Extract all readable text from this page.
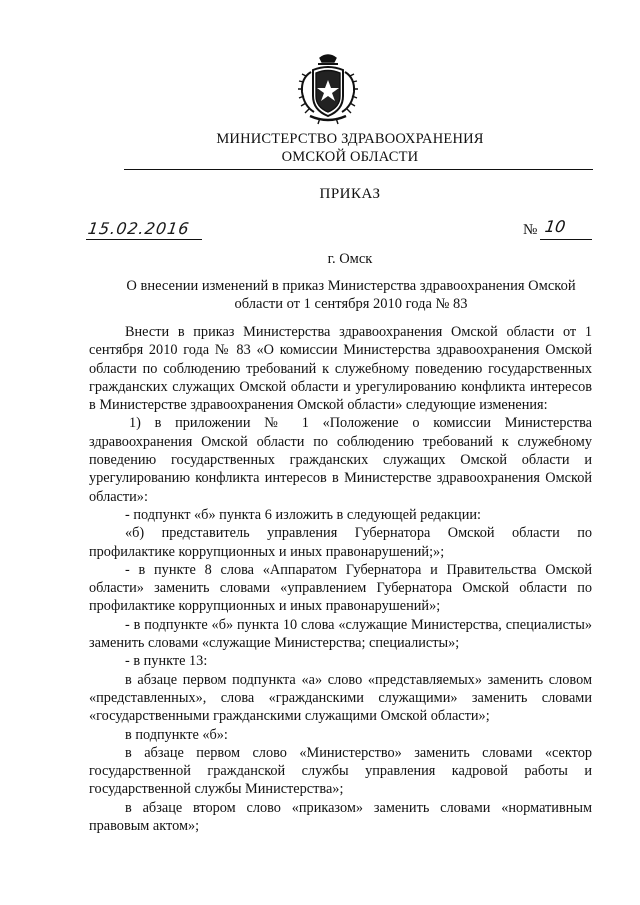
МИНИСТЕРСТВО ЗДРАВООХРАНЕНИЯ
ОМСКОЙ ОБЛАСТИ
ПРИКАЗ
15.02.2016	№ 10
г. Омск
О внесении изменений в приказ Министерства здравоохранения Омской области от 1 сентября 2010 года № 83

Внести в приказ Министерства здравоохранения Омской области от 1 сентября 2010 года № 83 «О комиссии Министерства здравоохранения Омской области по соблюдению требований к служебному поведению государственных гражданских служащих Омской области и урегулированию конфликта интересов в Министерстве здравоохранения Омской области» следующие изменения:

1) в приложении № 1 «Положение о комиссии Министерства здравоохранения Омской области по соблюдению требований к служебному поведению государственных гражданских служащих Омской области и урегулированию конфликта интересов в Министерстве здравоохранения Омской области»:

- подпункт «б» пункта 6 изложить в следующей редакции:

«б) представитель управления Губернатора Омской области по профилактике коррупционных и иных правонарушений;»;

- в пункте 8 слова «Аппаратом Губернатора и Правительства Омской области» заменить словами «управлением Губернатора Омской области по профилактике коррупционных и иных правонарушений»;

- в подпункте «б» пункта 10 слова «служащие Министерства, специалисты» заменить словами «служащие Министерства; специалисты»;

- в пункте 13:

в абзаце первом подпункта «а» слово «представляемых» заменить словом «представленных», слова «гражданскими служащими» заменить словами «государственными гражданскими служащими Омской области»;

в подпункте «б»:

в абзаце первом слово «Министерство» заменить словами «сектор государственной гражданской службы управления кадровой работы и государственной службы Министерства»;

в абзаце втором слово «приказом» заменить словами «нормативным правовым актом»;
